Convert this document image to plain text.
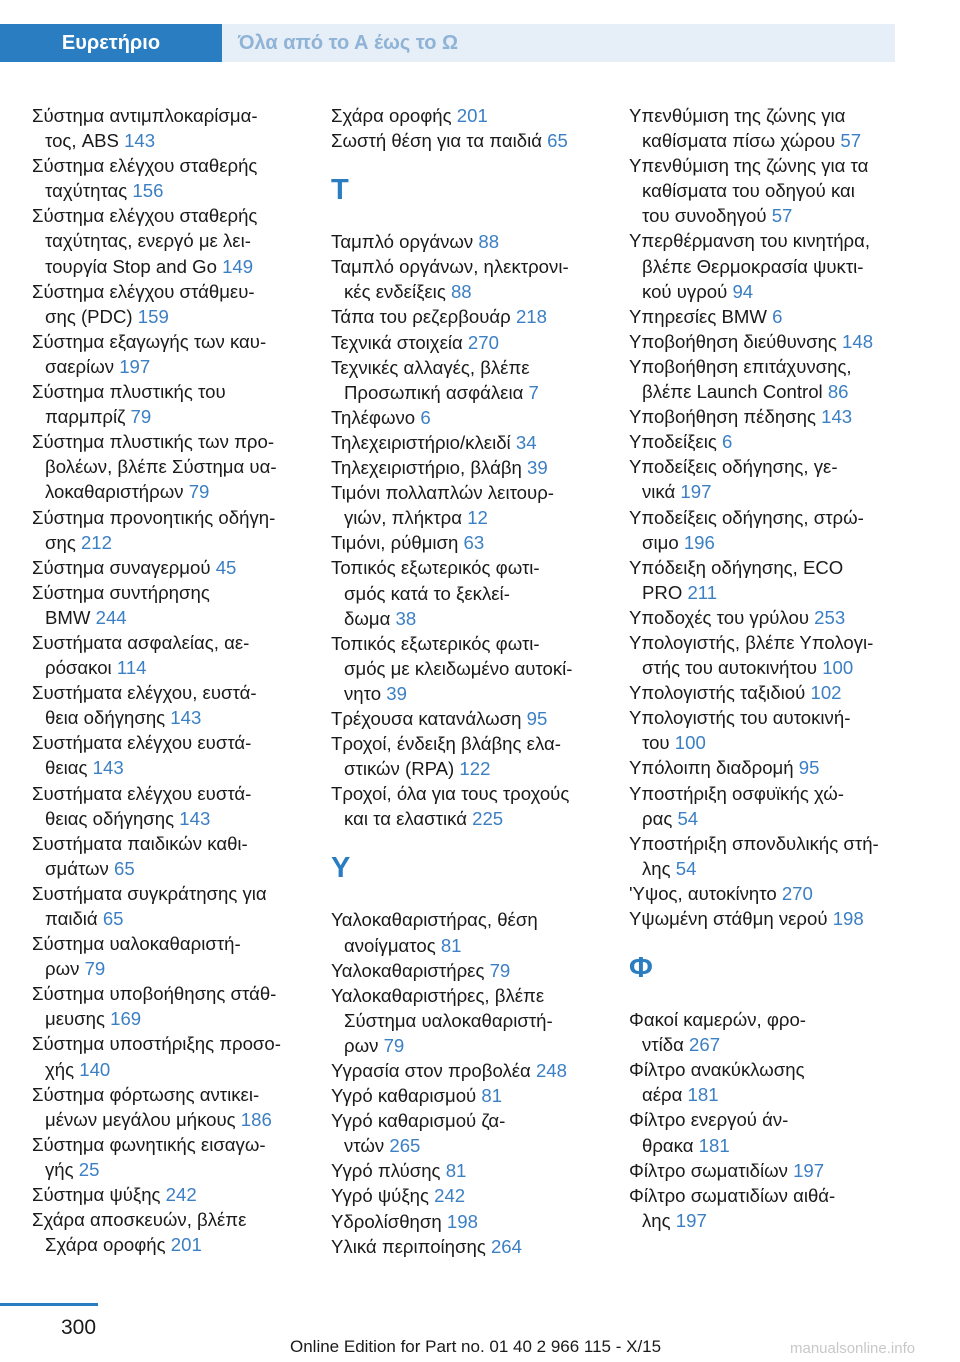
Ευρετήριο	Όλα από το Α έως το Ω
Σύστημα αντιμπλοκαρίσμα-
τος, ABS 143
Σύστημα ελέγχου σταθερής
ταχύτητας 156
Σύστημα ελέγχου σταθερής
ταχύτητας, ενεργό με λει-
τουργία Stop and Go 149
Σύστημα ελέγχου στάθμευ-
σης (PDC) 159
Σύστημα εξαγωγής των καυ-
σαερίων 197
Σύστημα πλυστικής του
παρμπρίζ 79
Σύστημα πλυστικής των προ-
βολέων, βλέπε Σύστημα υα-
λοκαθαριστήρων 79
Σύστημα προνοητικής οδήγη-
σης 212
Σύστημα συναγερμού 45
Σύστημα συντήρησης
BMW 244
Συστήματα ασφαλείας, αε-
ρόσακοι 114
Συστήματα ελέγχου, ευστά-
θεια οδήγησης 143
Συστήματα ελέγχου ευστά-
θειας 143
Συστήματα ελέγχου ευστά-
θειας οδήγησης 143
Συστήματα παιδικών καθι-
σμάτων 65
Συστήματα συγκράτησης για
παιδιά 65
Σύστημα υαλοκαθαριστή-
ρων 79
Σύστημα υποβοήθησης στάθ-
μευσης 169
Σύστημα υποστήριξης προσο-
χής 140
Σύστημα φόρτωσης αντικει-
μένων μεγάλου μήκους 186
Σύστημα φωνητικής εισαγω-
γής 25
Σύστημα ψύξης 242
Σχάρα αποσκευών, βλέπε
Σχάρα οροφής 201
Σχάρα οροφής 201
Σωστή θέση για τα παιδιά 65
Τ
Ταμπλό οργάνων 88
Ταμπλό οργάνων, ηλεκτρονι-
κές ενδείξεις 88
Τάπα του ρεζερβουάρ 218
Τεχνικά στοιχεία 270
Τεχνικές αλλαγές, βλέπε
Προσωπική ασφάλεια 7
Τηλέφωνο 6
Τηλεχειριστήριο/κλειδί 34
Τηλεχειριστήριο, βλάβη 39
Τιμόνι πολλαπλών λειτουρ-
γιών, πλήκτρα 12
Τιμόνι, ρύθμιση 63
Τοπικός εξωτερικός φωτι-
σμός κατά το ξεκλεί-
δωμα 38
Τοπικός εξωτερικός φωτι-
σμός με κλειδωμένο αυτοκί-
νητο 39
Τρέχουσα κατανάλωση 95
Τροχοί, ένδειξη βλάβης ελα-
στικών (RPA) 122
Τροχοί, όλα για τους τροχούς
και τα ελαστικά 225
Υ
Υαλοκαθαριστήρας, θέση
ανοίγματος 81
Υαλοκαθαριστήρες 79
Υαλοκαθαριστήρες, βλέπε
Σύστημα υαλοκαθαριστή-
ρων 79
Υγρασία στον προβολέα 248
Υγρό καθαρισμού 81
Υγρό καθαρισμού ζα-
ντών 265
Υγρό πλύσης 81
Υγρό ψύξης 242
Υδρολίσθηση 198
Υλικά περιποίησης 264
Υπενθύμιση της ζώνης για
καθίσματα πίσω χώρου 57
Υπενθύμιση της ζώνης για τα
καθίσματα του οδηγού και
του συνοδηγού 57
Υπερθέρμανση του κινητήρα,
βλέπε Θερμοκρασία ψυκτι-
κού υγρού 94
Υπηρεσίες BMW 6
Υποβοήθηση διεύθυνσης 148
Υποβοήθηση επιτάχυνσης,
βλέπε Launch Control 86
Υποβοήθηση πέδησης 143
Υποδείξεις 6
Υποδείξεις οδήγησης, γε-
νικά 197
Υποδείξεις οδήγησης, στρώ-
σιμο 196
Υπόδειξη οδήγησης, ECO
PRO 211
Υποδοχές του γρύλου 253
Υπολογιστής, βλέπε Υπολογι-
στής του αυτοκινήτου 100
Υπολογιστής ταξιδιού 102
Υπολογιστής του αυτοκινή-
του 100
Υπόλοιπη διαδρομή 95
Υποστήριξη οσφυϊκής χώ-
ρας 54
Υποστήριξη σπονδυλικής στή-
λης 54
'Υψος, αυτοκίνητο 270
Υψωμένη στάθμη νερού 198
Φ
Φακοί καμερών, φρο-
ντίδα 267
Φίλτρο ανακύκλωσης
αέρα 181
Φίλτρο ενεργού άν-
θρακα 181
Φίλτρο σωματιδίων 197
Φίλτρο σωματιδίων αιθά-
λης 197
300
Online Edition for Part no. 01 40 2 966 115 - X/15	manualsonline.info
